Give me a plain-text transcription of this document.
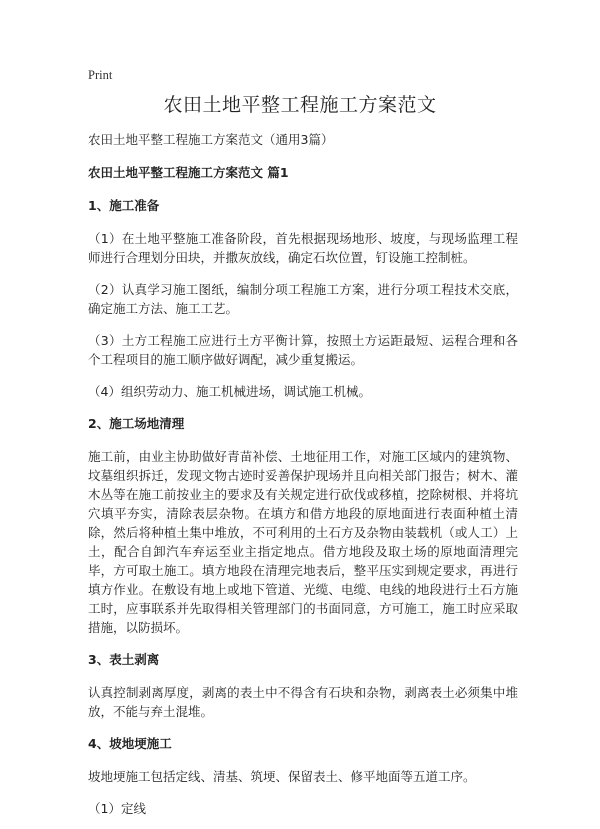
Print
农田土地平整工程施工方案范文

农田土地平整工程施工方案范文（通用3篇）

农田土地平整工程施工方案范文 篇1

1、施工准备

（1）在土地平整施工准备阶段，首先根据现场地形、坡度，与现场监理工程师进行合理划分田块，并撒灰放线，确定石坎位置，钉设施工控制桩。

（2）认真学习施工图纸，编制分项工程施工方案，进行分项工程技术交底，确定施工方法、施工工艺。

（3）土方工程施工应进行土方平衡计算，按照土方运距最短、运程合理和各个工程项目的施工顺序做好调配，减少重复搬运。

（4）组织劳动力、施工机械进场，调试施工机械。

2、施工场地清理

施工前，由业主协助做好青苗补偿、土地征用工作，对施工区域内的建筑物、坟墓组织拆迁，发现文物古迹时妥善保护现场并且向相关部门报告；树木、灌木丛等在施工前按业主的要求及有关规定进行砍伐或移植，挖除树根、并将坑穴填平夯实，清除表层杂物。在填方和借方地段的原地面进行表面种植土清除，然后将种植土集中堆放，不可利用的土石方及杂物由装载机（或人工）上土，配合自卸汽车弃运至业主指定地点。借方地段及取土场的原地面清理完毕，方可取土施工。填方地段在清理完地表后，整平压实到规定要求，再进行填方作业。在敷设有地上或地下管道、光缆、电缆、电线的地段进行土石方施工时，应事联系并先取得相关管理部门的书面同意，方可施工，施工时应采取措施，以防损坏。

3、表土剥离

认真控制剥离厚度，剥离的表土中不得含有石块和杂物，剥离表土必须集中堆放，不能与弃土混堆。

4、坡地埂施工

坡地埂施工包括定线、清基、筑埂、保留表土、修平地面等五道工序。

（1）定线
